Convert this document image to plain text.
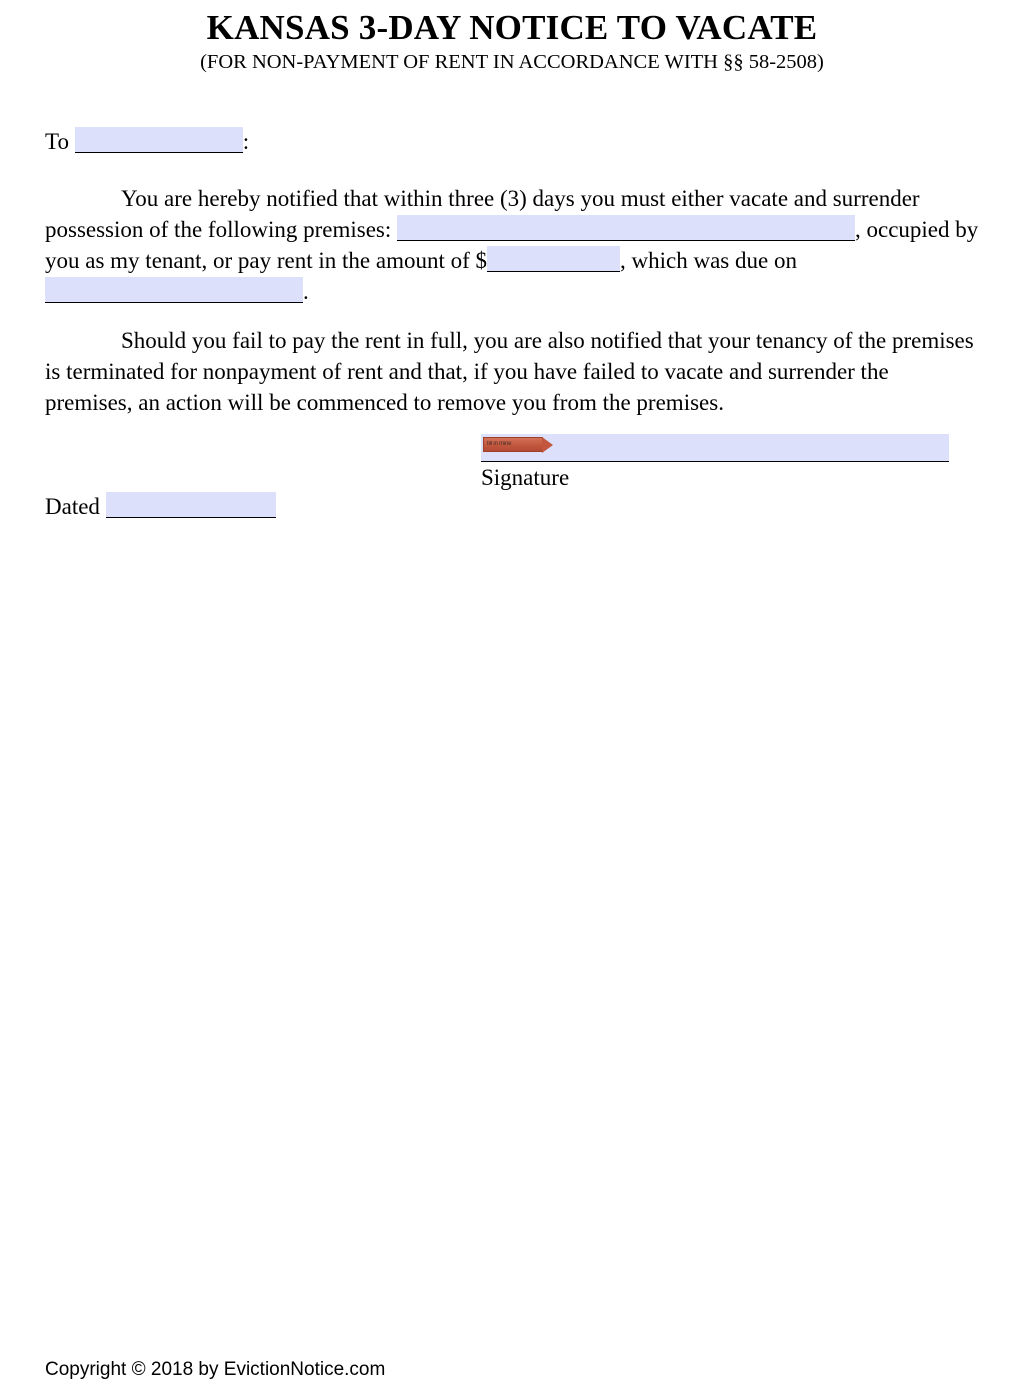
KANSAS 3-DAY NOTICE TO VACATE
(FOR NON-PAYMENT OF RENT IN ACCORDANCE WITH §§ 58-2508)
To	:
You are hereby notified that within three (3) days you must either vacate and surrender possession of the following premises:	, occupied by you as my tenant, or pay rent in the amount of $	, which was due on .
Should you fail to pay the rent in full, you are also notified that your tenancy of the premises is terminated for nonpayment of rent and that, if you have failed to vacate and surrender the premises, an action will be commenced to remove you from the premises.
fill in mine
Signature
Dated
Copyright © 2018 by EvictionNotice.com
